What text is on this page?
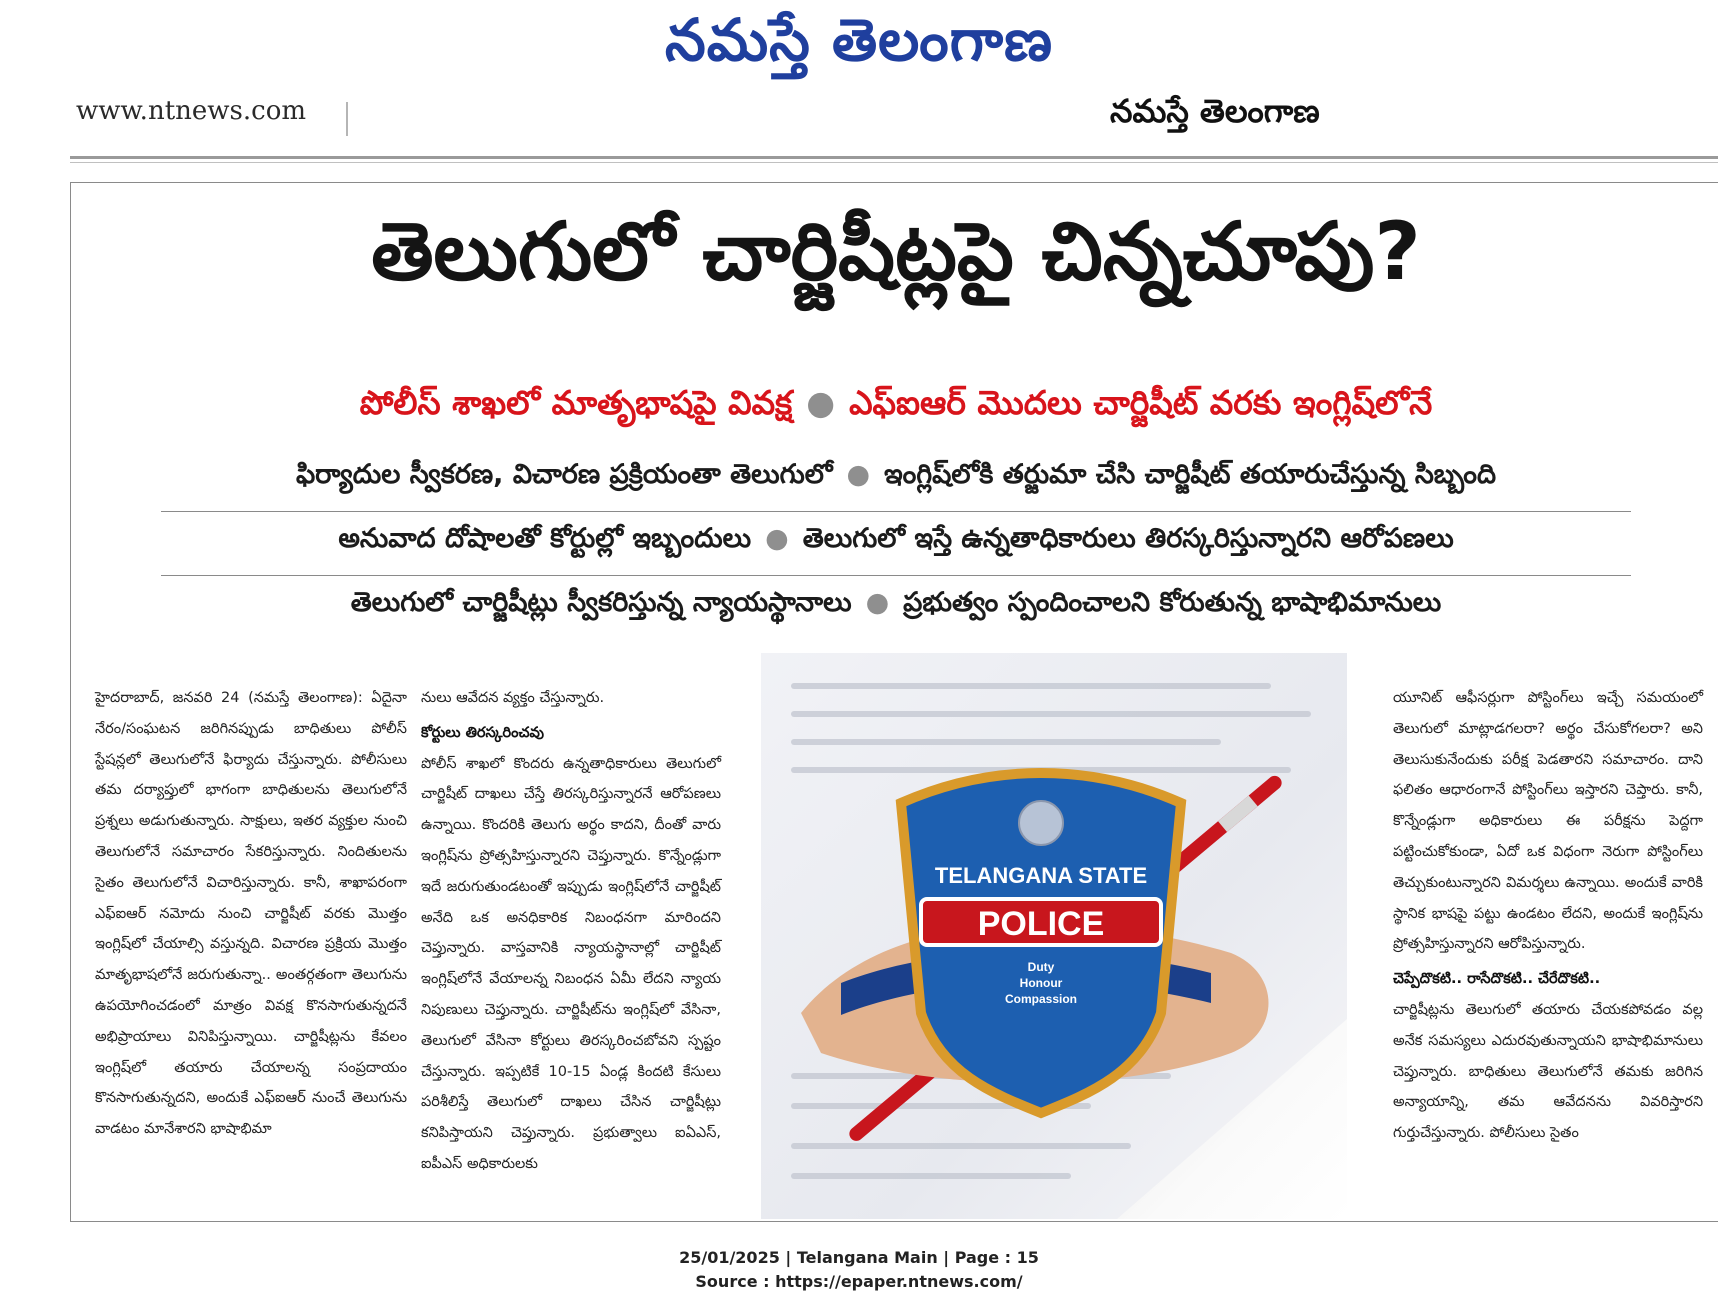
నమస్తే తెలంగాణ
www.ntnews.com	నమస్తే తెలంగాణ
తెలుగులో చార్జిషీట్లపై చిన్నచూపు?
పోలీస్ శాఖలో మాతృభాషపై వివక్ష ● ఎఫ్ఐఆర్ మొదలు చార్జిషీట్ వరకు ఇంగ్లిష్‌లోనే
ఫిర్యాదుల స్వీకరణ, విచారణ ప్రక్రియంతా తెలుగులో ● ఇంగ్లిష్‌లోకి తర్జుమా చేసి చార్జిషీట్ తయారుచేస్తున్న సిబ్బంది
అనువాద దోషాలతో కోర్టుల్లో ఇబ్బందులు ● తెలుగులో ఇస్తే ఉన్నతాధికారులు తిరస్కరిస్తున్నారని ఆరోపణలు
తెలుగులో చార్జిషీట్లు స్వీకరిస్తున్న న్యాయస్థానాలు ● ప్రభుత్వం స్పందించాలని కోరుతున్న భాషాభిమానులు

హైదరాబాద్, జనవరి 24 (నమస్తే తెలంగాణ): ఏదైనా నేరం/సంఘటన జరిగినప్పుడు బాధితులు పోలీస్ స్టేషన్లలో తెలుగులోనే ఫిర్యాదు చేస్తున్నారు. పోలీసులు తమ దర్యాప్తులో భాగంగా బాధితులను తెలుగులోనే ప్రశ్నలు అడుగుతున్నారు. సాక్షులు, ఇతర వ్యక్తుల నుంచి తెలుగులోనే సమాచారం సేకరిస్తున్నారు. నిందితులను సైతం తెలుగులోనే విచారిస్తున్నారు. కానీ, శాఖాపరంగా ఎఫ్ఐఆర్ నమోదు నుంచి చార్జిషీట్ వరకు మొత్తం ఇంగ్లిష్‌లో చేయాల్సి వస్తున్నది. విచారణ ప్రక్రియ మొత్తం మాతృభాషలోనే జరుగుతున్నా.. అంతర్గతంగా తెలుగును ఉపయోగించడంలో మాత్రం వివక్ష కొనసాగుతున్నదనే అభిప్రాయాలు వినిపిస్తున్నాయి. చార్జిషీట్లను కేవలం ఇంగ్లిష్‌లో తయారు చేయాలన్న సంప్రదాయం కొనసాగుతున్నదని, అందుకే ఎఫ్ఐఆర్ నుంచే తెలుగును వాడటం మానేశారని భాషాభిమా

నులు ఆవేదన వ్యక్తం చేస్తున్నారు.

కోర్టులు తిరస్కరించవు

పోలీస్ శాఖలో కొందరు ఉన్నతాధికారులు తెలుగులో చార్జిషీట్ దాఖలు చేస్తే తిరస్కరిస్తున్నారనే ఆరోపణలు ఉన్నాయి. కొందరికి తెలుగు అర్థం కాదని, దీంతో వారు ఇంగ్లిష్‌ను ప్రోత్సహిస్తున్నారని చెప్తున్నారు. కొన్నేండ్లుగా ఇదే జరుగుతుండటంతో ఇప్పుడు ఇంగ్లిష్‌లోనే చార్జిషీట్ అనేది ఒక అనధికారిక నిబంధనగా మారిందని చెప్తున్నారు. వాస్తవానికి న్యాయస్థానాల్లో చార్జిషీట్ ఇంగ్లిష్‌లోనే వేయాలన్న నిబంధన ఏమీ లేదని న్యాయ నిపుణులు చెప్తున్నారు. చార్జిషీట్‌ను ఇంగ్లిష్‌లో వేసినా, తెలుగులో వేసినా కోర్టులు తిరస్కరించబోవని స్పష్టం చేస్తున్నారు. ఇప్పటికే 10-15 ఏండ్ల కిందటి కేసులు పరిశీలిస్తే తెలుగులో దాఖలు చేసిన చార్జిషీట్లు కనిపిస్తాయని చెప్తున్నారు. ప్రభుత్వాలు ఐఏఎస్, ఐపీఎస్ అధికారులకు

TELANGANA STATE
POLICE
Duty
Honour
Compassion

యూనిట్ ఆఫీసర్లుగా పోస్టింగ్‌లు ఇచ్చే సమయంలో తెలుగులో మాట్లాడగలరా? అర్థం చేసుకోగలరా? అని తెలుసుకునేందుకు పరీక్ష పెడతారని సమాచారం. దాని ఫలితం ఆధారంగానే పోస్టింగ్‌లు ఇస్తారని చెప్తారు. కానీ, కొన్నేండ్లుగా అధికారులు ఈ పరీక్షను పెద్దగా పట్టించుకోకుండా, ఏదో ఒక విధంగా నెరుగా పోస్టింగ్‌లు తెచ్చుకుంటున్నారని విమర్శలు ఉన్నాయి. అందుకే వారికి స్థానిక భాషపై పట్టు ఉండటం లేదని, అందుకే ఇంగ్లిష్‌ను ప్రోత్సహిస్తున్నారని ఆరోపిస్తున్నారు.

చెప్పేదొకటి.. రాసేదొకటి.. చేరేదొకటి..

చార్జిషీట్లను తెలుగులో తయారు చేయకపోవడం వల్ల అనేక సమస్యలు ఎదురవుతున్నాయని భాషాభిమానులు చెప్తున్నారు. బాధితులు తెలుగులోనే తమకు జరిగిన అన్యాయాన్ని, తమ ఆవేదనను వివరిస్తారని గుర్తుచేస్తున్నారు. పోలీసులు సైతం

25/01/2025 | Telangana Main | Page : 15
Source : https://epaper.ntnews.com/
